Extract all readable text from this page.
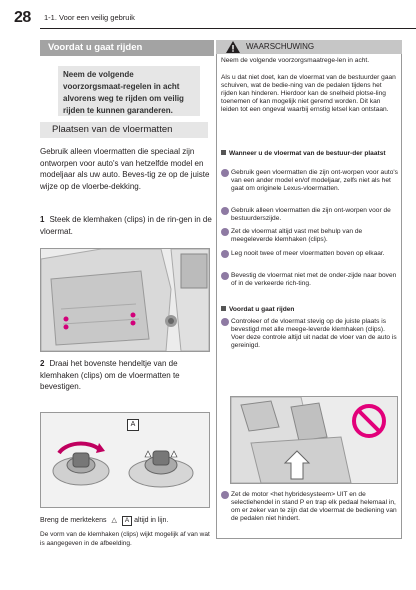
28 1-1. Voor een veilig gebruik
Voordat u gaat rijden
Neem de volgende voorzorgsmaat-regelen in acht alvorens weg te rijden om veilig rijden te kunnen garanderen.
Plaatsen van de vloermatten
Gebruik alleen vloermatten die speciaal zijn ontworpen voor auto's van hetzelfde model en modeljaar als uw auto. Beves-tig ze op de juiste wijze op de vloerbe-dekking.
1 Steek de klemhaken (clips) in de rin-gen in de vloermat.
2 Draai het bovenste hendeltje van de klemhaken (clips) om de vloermatten te bevestigen.
A
Breng de merktekens △ A altijd in lijn.
De vorm van de klemhaken (clips) wijkt mogelijk af van wat is aangegeven in de afbeelding.
WAARSCHUWING
Neem de volgende voorzorgsmaatrege-len in acht.
Als u dat niet doet, kan de vloermat van de bestuurder gaan schuiven, wat de bedie-ning van de pedalen tijdens het rijden kan hinderen. Hierdoor kan de snelheid plotse-ling toenemen of kan mogelijk niet geremd worden. Dit kan leiden tot een ongeval waarbij ernstig letsel kan ontstaan.
Wanneer u de vloermat van de bestuur-der plaatst
Gebruik geen vloermatten die zijn ont-worpen voor auto's van een ander model en/of modeljaar, zelfs niet als het gaat om originele Lexus-vloermatten.
Gebruik alleen vloermatten die zijn ont-worpen voor de bestuurderszijde.
Zet de vloermat altijd vast met behulp van de meegeleverde klemhaken (clips).
Leg nooit twee of meer vloermatten boven op elkaar.
Bevestig de vloermat niet met de onder-zijde naar boven of in de verkeerde rich-ting.
Voordat u gaat rijden
Controleer of de vloermat stevig op de juiste plaats is bevestigd met alle meege-leverde klemhaken (clips). Voer deze controle altijd uit nadat de vloer van de auto is gereinigd.
Zet de motor <het hybridesysteem> UIT en de selectiehendel in stand P en trap elk pedaal helemaal in, om er zeker van te zijn dat de vloermat de bediening van de pedalen niet hindert.
